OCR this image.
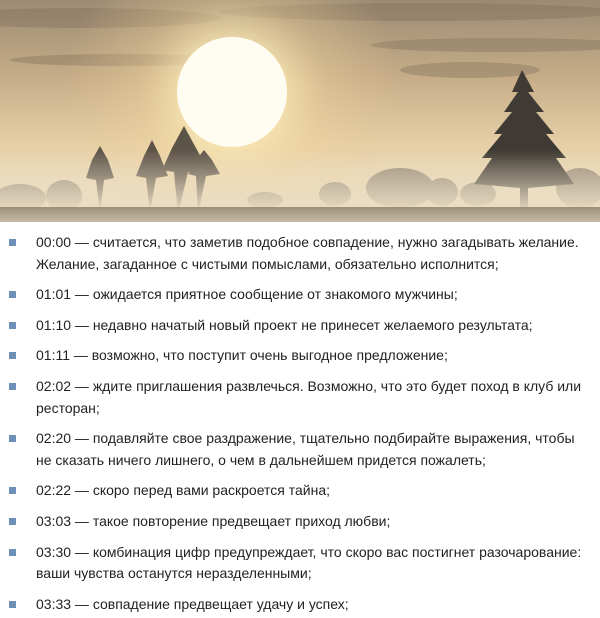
00:00 — считается, что заметив подобное совпадение, нужно загадывать желание. Желание, загаданное с чистыми помыслами, обязательно исполнится;
01:01 — ожидается приятное сообщение от знакомого мужчины;
01:10 — недавно начатый новый проект не принесет желаемого результата;
01:11 — возможно, что поступит очень выгодное предложение;
02:02 — ждите приглашения развлечься. Возможно, что это будет поход в клуб или ресторан;
02:20 — подавляйте свое раздражение, тщательно подбирайте выражения, чтобы не сказать ничего лишнего, о чем в дальнейшем придется пожалеть;
02:22 — скоро перед вами раскроется тайна;
03:03 — такое повторение предвещает приход любви;
03:30 — комбинация цифр предупреждает, что скоро вас постигнет разочарование: ваши чувства останутся неразделенными;
03:33 — совпадение предвещает удачу и успех;
